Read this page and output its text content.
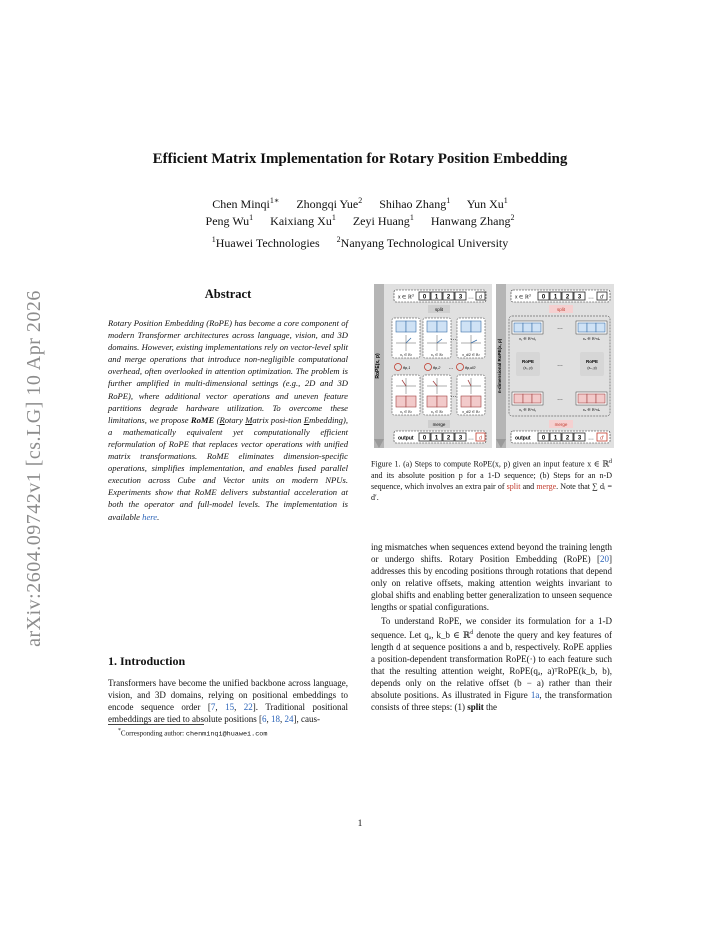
arXiv:2604.09742v1 [cs.LG] 10 Apr 2026
Efficient Matrix Implementation for Rotary Position Embedding
Chen Minqi$^{1∗}$ Zhongqi Yue$^2$ Shihao Zhang$^1$ Yun Xu$^1$
Peng Wu$^1$ Kaixiang Xu$^1$ Zeyi Huang$^1$ Hanwang Zhang$^2$
$^1$Huawei Technologies $^2$Nanyang Technological University
Abstract
Rotary Position Embedding (RoPE) has become a core component of modern Transformer architectures across language, vision, and 3D domains. However, existing implementations rely on vector-level split and merge operations that introduce non-negligible computational overhead, often overlooked in attention optimization. The problem is further amplified in multi-dimensional settings (e.g., 2D and 3D RoPE), where additional vector operations and uneven feature partitions degrade hardware utilization. To overcome these limitations, we propose RoME (Rotary Matrix posi-tion Embedding), a mathematically equivalent yet computationally efficient reformulation of RoPE that replaces vector operations with unified matrix transformations. RoME eliminates dimension-specific operations, simplifies implementation, and enables fused parallel execution across Cube and Vector units on modern NPUs. Experiments show that RoME delivers substantial acceleration at both the operator and full-model levels. The implementation is available here.
1. Introduction
Transformers have become the unified backbone across language, vision, and 3D domains, relying on positional embeddings to encode sequence order [7, 15, 22]. Traditional positional embeddings are tied to absolute positions [6, 18, 24], caus-
*Corresponding author: chenminqi@huawei.com
RoPE(x, p)
x ∈ ℝ$^d$ 0 1 2 3 … d
split
x₁ ∈ ℝ²	x₂ ∈ ℝ²
…
x_d/2 ∈ ℝ²
θp,1	θp,2 …	θp,d/2
x₁ ∈ ℝ²	x₂ ∈ ℝ²
…
x_d/2 ∈ ℝ²
merge
output 0 1 2 3 … d
n-dimensional RoPE(x, p)
x ∈ ℝ$^d$ 0 1 2 3 … d′
split
x₁ ∈ ℝ^d₁
…
xₙ ∈ ℝ^dₙ
RoPE
(x₁, p)	…
RoPE
(xₙ, p)
x₁ ∈ ℝ^d₁
…
xₙ ∈ ℝ^dₙ
merge
output 0 1 2 3 … d′
Figure 1. (a) Steps to compute RoPE(x, p) given an input feature x ∈ ℝ$^d$ and its absolute position p for a 1-D sequence; (b) Steps for an n-D sequence, which involves an extra pair of split and merge. Note that ∑ dᵢ = d′.

ing mismatches when sequences extend beyond the training length or undergo shifts. Rotary Position Embedding (RoPE) [20] addresses this by encoding positions through rotations that depend only on relative offsets, making attention weights invariant to global shifts and enabling better generalization to unseen sequence lengths or spatial configurations.

To understand RoPE, we consider its formulation for a 1-D sequence. Let qₐ, k_b ∈ ℝ$^d$ denote the query and key features of length d at sequence positions a and b, respectively. RoPE applies a position-dependent transformation RoPE(·) to each feature such that the resulting attention weight, RoPE(qₐ, a)ᵀRoPE(k_b, b), depends only on the relative offset (b − a) rather than their absolute positions. As illustrated in Figure 1a, the transformation consists of three steps: (1) split the

1
